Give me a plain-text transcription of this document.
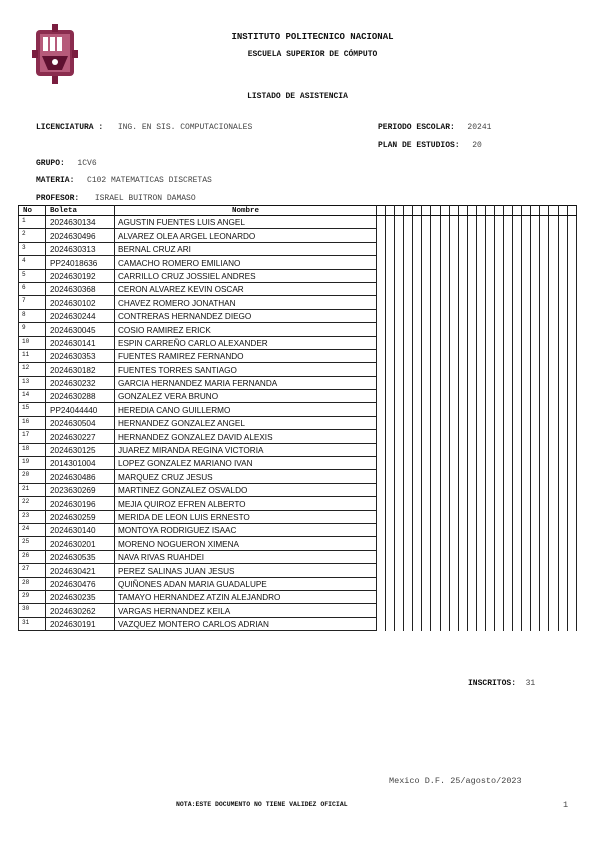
INSTITUTO POLITECNICO NACIONAL
ESCUELA SUPERIOR DE CÓMPUTO
LISTADO DE ASISTENCIA
LICENCIATURA : ING. EN SIS. COMPUTACIONALES	PERIODO ESCOLAR: 20241
PLAN DE ESTUDIOS: 20
GRUPO: 1CV6
MATERIA: C102 MATEMATICAS DISCRETAS
PROFESOR: ISRAEL BUITRON DAMASO
No	Boleta	Nombre																						
1	2024630134	AGUSTIN FUENTES LUIS ANGEL																						
2	2024630496	ALVAREZ OLEA ARGEL LEONARDO																						
3	2024630313	BERNAL CRUZ ARI																						
4	PP24018636	CAMACHO ROMERO EMILIANO																						
5	2024630192	CARRILLO CRUZ JOSSIEL ANDRES																						
6	2024630368	CERON ALVAREZ KEVIN OSCAR																						
7	2024630102	CHAVEZ ROMERO JONATHAN																						
8	2024630244	CONTRERAS HERNANDEZ DIEGO																						
9	2024630045	COSIO RAMIREZ ERICK																						
10	2024630141	ESPIN CARREÑO CARLO ALEXANDER																						
11	2024630353	FUENTES RAMIREZ FERNANDO																						
12	2024630182	FUENTES TORRES SANTIAGO																						
13	2024630232	GARCIA HERNANDEZ MARIA FERNANDA																						
14	2024630288	GONZALEZ VERA BRUNO																						
15	PP24044440	HEREDIA CANO GUILLERMO																						
16	2024630504	HERNANDEZ GONZALEZ ANGEL																						
17	2024630227	HERNANDEZ GONZALEZ DAVID ALEXIS																						
18	2024630125	JUAREZ MIRANDA REGINA VICTORIA																						
19	2014301004	LOPEZ GONZALEZ MARIANO IVAN																						
20	2024630486	MARQUEZ CRUZ JESUS																						
21	2023630269	MARTINEZ GONZALEZ OSVALDO																						
22	2024630196	MEJIA QUIROZ EFREN ALBERTO																						
23	2024630259	MERIDA DE LEON LUIS ERNESTO																						
24	2024630140	MONTOYA RODRIGUEZ ISAAC																						
25	2024630201	MORENO NOGUERON XIMENA																						
26	2024630535	NAVA RIVAS RUAHDEI																						
27	2024630421	PEREZ SALINAS JUAN JESUS																						
28	2024630476	QUIÑONES ADAN MARIA GUADALUPE																						
29	2024630235	TAMAYO HERNANDEZ ATZIN ALEJANDRO																						
30	2024630262	VARGAS HERNANDEZ KEILA																						
31	2024630191	VAZQUEZ MONTERO CARLOS ADRIAN																						
INSCRITOS: 31
Mexico D.F. 25/agosto/2023
NOTA:ESTE DOCUMENTO NO TIENE VALIDEZ OFICIAL	1
